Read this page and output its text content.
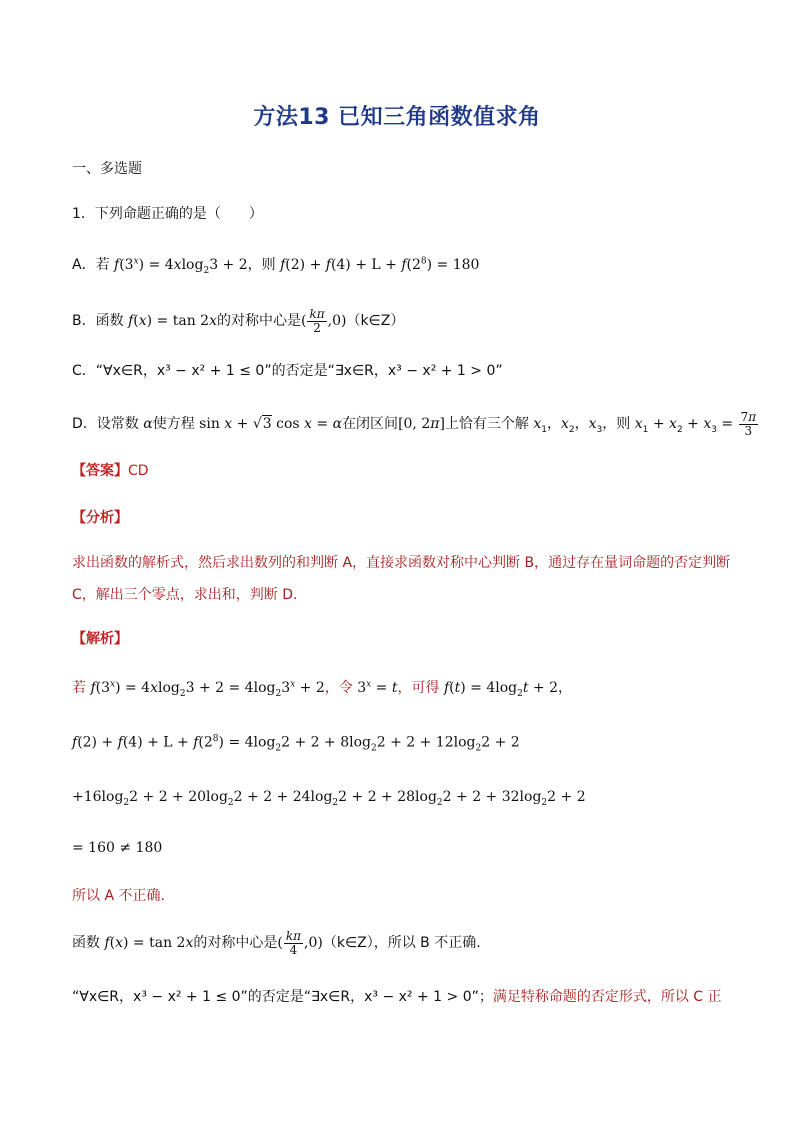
方法13 已知三角函数值求角
一、多选题
1．下列命题正确的是（　　）
A．若 $f(3^x) = 4xlog_23 + 2$，则 $f(2) + f(4) + L + f(2^8) = 180$
B．函数 f(x) = tan 2x的对称中心是( $\frac{k\pi}{2}$ ,0)（k∈Z）
C．“∀x∈R，x³ − x² + 1 ≤ 0”的否定是“∃x∈R，x³ − x² + 1 > 0”
D．设常数 α使方程 sin x + √3 cos x = α在闭区间[0, 2π]上恰有三个解 $x_1$，$x_2$，$x_3$，则 $x_1 + x_2 + x_3 = \frac{7\pi}{3}$
【答案】CD
【分析】
求出函数的解析式，然后求出数列的和判断 A，直接求函数对称中心判断 B，通过存在量词命题的否定判断
C，解出三个零点，求出和，判断 D.
【解析】
若 $f(3^x) = 4xlog_23 + 2 = 4\log_23^x + 2$，令 $3^x = t$，可得 $f(t) = 4\log_2t + 2$，
$f(2) + f(4) + L + f(2^8) = 4\log_22 + 2 + 8\log_22 + 2 + 12\log_22 + 2$
$+16\log_22 + 2 + 20\log_22 + 2 + 24\log_22 + 2 + 28\log_22 + 2 + 32\log_22 + 2$
= 160 ≠ 180
所以 A 不正确.
函数 f(x) = tan 2x的对称中心是( $\frac{k\pi}{4}$ ,0)（k∈Z），所以 B 不正确.
“∀x∈R，x³ − x² + 1 ≤ 0”的否定是“∃x∈R，x³ − x² + 1 > 0”；满足特称命题的否定形式，所以 C 正
